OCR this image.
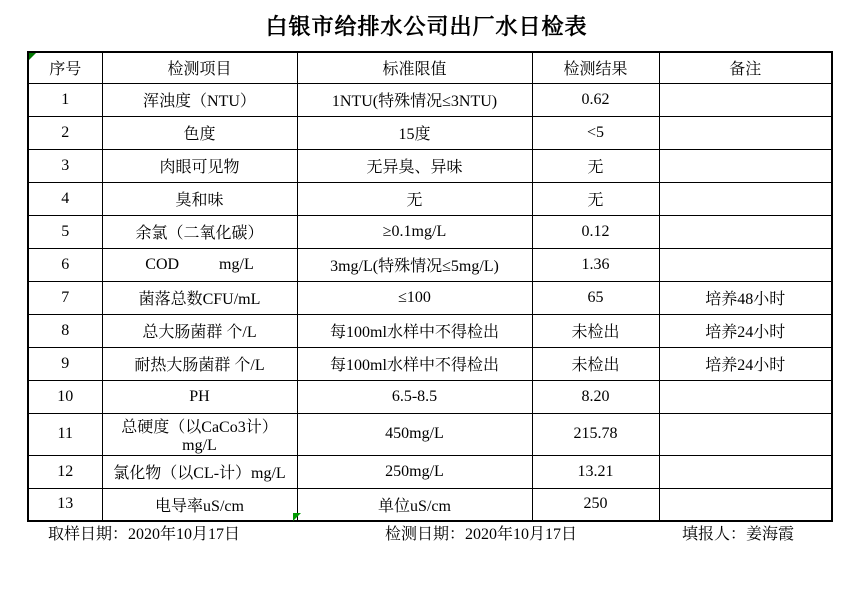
白银市给排水公司出厂水日检表
序号	检测项目	标准限值	检测结果	备注
1	浑浊度（NTU）	1NTU(特殊情况≤3NTU)	0.62	
2	色度	15度	<5	
3	肉眼可见物	无异臭、异味	无	
4	臭和味	无	无	
5	余氯（二氧化碳）	≥0.1mg/L	0.12	
6	COD          mg/L	3mg/L(特殊情况≤5mg/L)	1.36	
7	菌落总数CFU/mL	≤100	65	培养48小时
8	总大肠菌群 个/L	每100ml水样中不得检出	未检出	培养24小时
9	耐热大肠菌群 个/L	每100ml水样中不得检出	未检出	培养24小时
10	PH	6.5-8.5	8.20	
11	总硬度（以CaCo3计）mg/L	450mg/L	215.78	
12	氯化物（以CL-计）mg/L	250mg/L	13.21	
13	电导率uS/cm	单位uS/cm	250	
取样日期：2020年10月17日	检测日期：2020年10月17日	填报人：姜海霞
